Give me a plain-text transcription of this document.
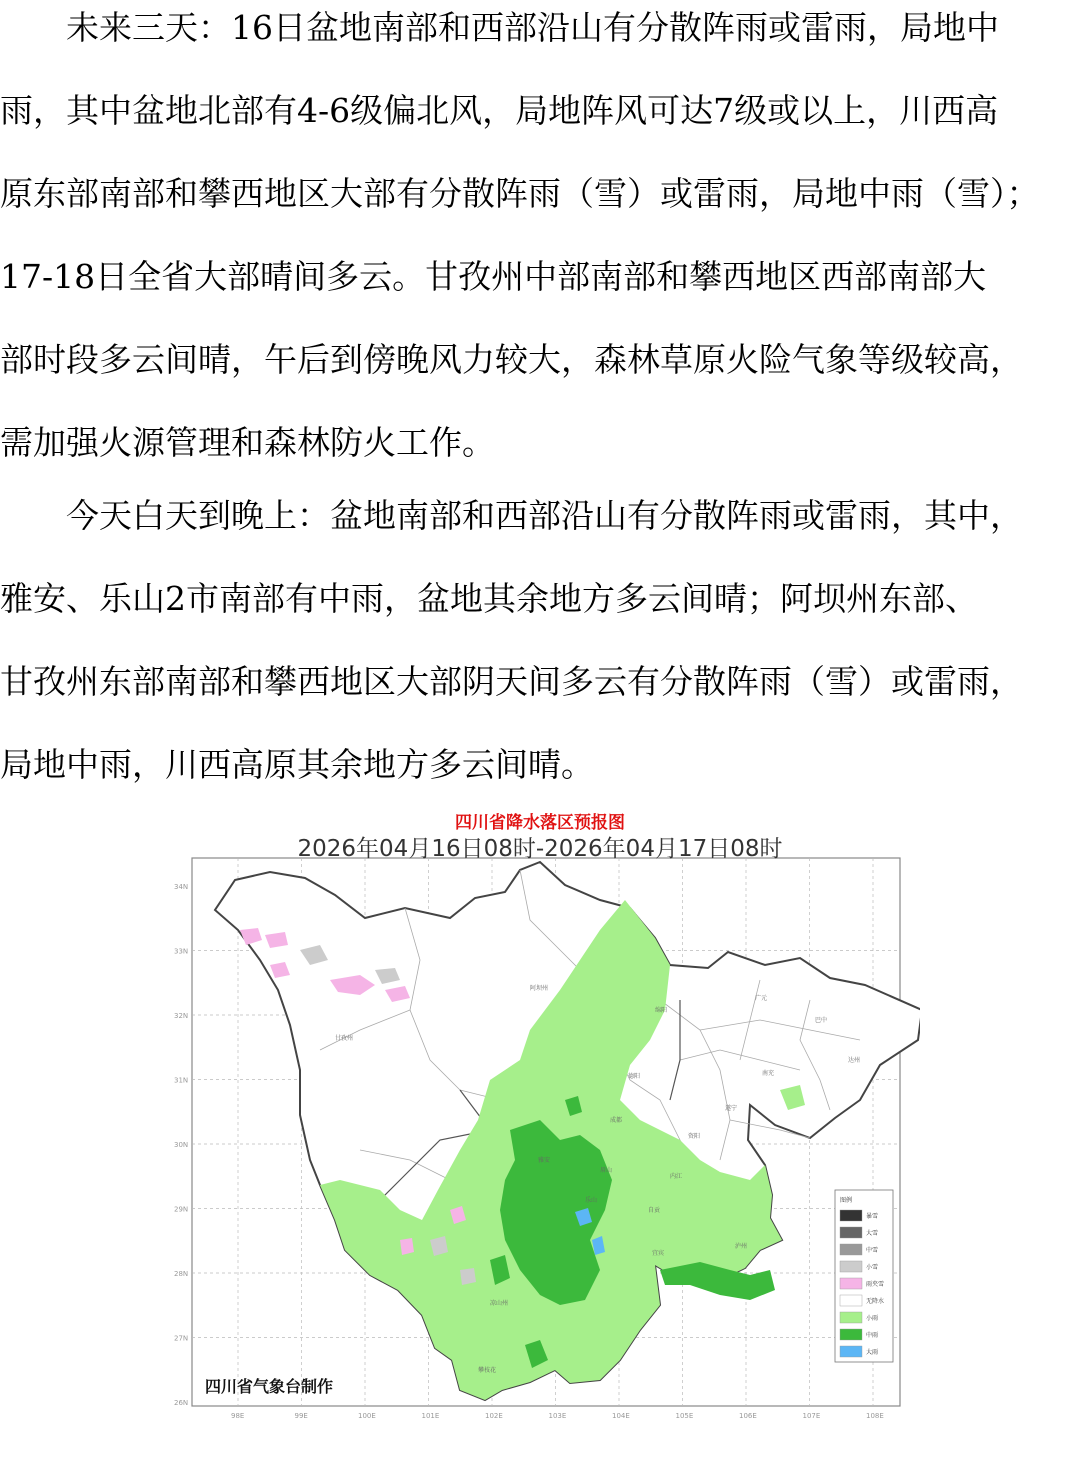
　　未来三天：16日盆地南部和西部沿山有分散阵雨或雷雨，局地中
雨，其中盆地北部有4-6级偏北风，局地阵风可达7级或以上，川西高
原东部南部和攀西地区大部有分散阵雨（雪）或雷雨，局地中雨（雪）；
17-18日全省大部晴间多云。甘孜州中部南部和攀西地区西部南部大
部时段多云间晴，午后到傍晚风力较大，森林草原火险气象等级较高，
需加强火源管理和森林防火工作。
　　今天白天到晚上：盆地南部和西部沿山有分散阵雨或雷雨，其中，
雅安、乐山2市南部有中雨，盆地其余地方多云间晴；阿坝州东部、
甘孜州东部南部和攀西地区大部阴天间多云有分散阵雨（雪）或雷雨，
局地中雨，川西高原其余地方多云间晴。
34N
33N
32N
31N
30N
29N
28N
27N
26N
98E	99E	100E	101E	102E	103E	104E	105E	106E	107E	108E
甘孜州
阿坝州
绵阳
广元
巴中
达州
南充
德阳
成都
遂宁
资阳
眉山
雅安
乐山
内江
自贡
宜宾
泸州
凉山州
攀枝花
图例
暴雪
大雪
中雪
小雪
雨夹雪
无降水
小雨
中雨
大雨
四川省气象台制作
四川省降水落区预报图
2026年04月16日08时-2026年04月17日08时
